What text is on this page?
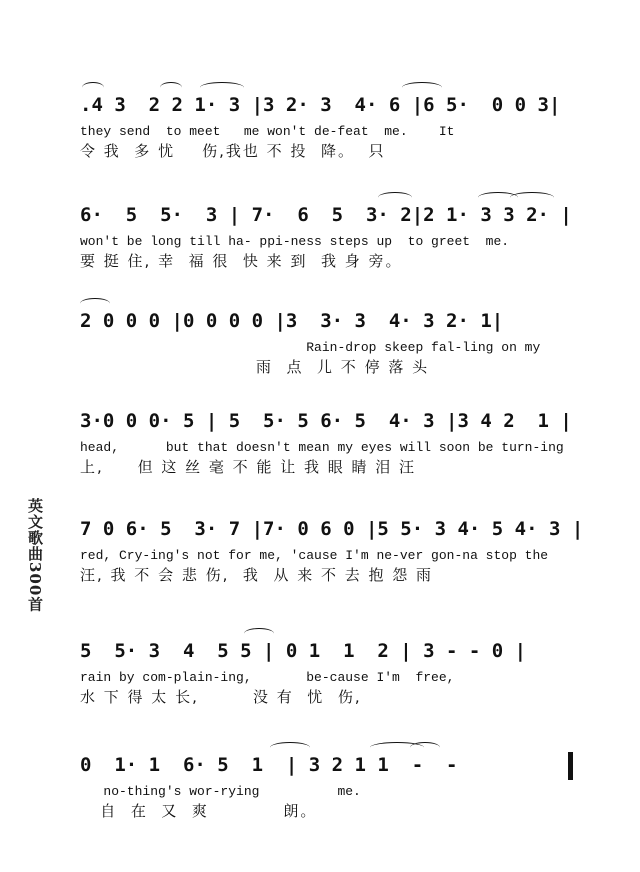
英文歌曲300首
.4 3  2 2 1· 3 |3 2· 3  4· 6 |6 5·  0 0 3|
they send  to meet   me won't de-feat  me.    It
令 我  多 忧    伤,我也 不 投  降。  只
6·  5  5·  3 | 7·  6  5  3· 2|2 1· 3 3 2· |
won't be long till ha- ppi-ness steps up  to greet  me.
要 挺 住, 幸  福 很  快 来 到  我 身 旁。
2 0 0 0 |0 0 0 0 |3  3· 3  4· 3 2· 1|
Rain-drop skeep fal-ling on my
雨  点  儿 不 停 落 头
3·0 0 0· 5 | 5  5· 5 6· 5  4· 3 |3 4 2  1 |
head,      but that doesn't mean my eyes will soon be turn-ing
上,     但 这 丝 毫 不 能 让 我 眼 睛 泪 汪
7 0 6· 5  3· 7 |7· 0 6 0 |5 5· 3 4· 5 4· 3 |
red, Cry-ing's not for me, 'cause I'm ne-ver gon-na stop the
汪, 我 不 会 悲 伤,  我  从 来 不 去 抱 怨 雨
5  5· 3  4  5 5 | 0 1  1  2 | 3 - - 0 |
rain by com-plain-ing,       be-cause I'm  free,
水 下 得 太 长,        没 有  忧  伤,
0  1· 1  6· 5  1  | 3 2 1 1  -  -
no-thing's wor-rying          me.
自  在  又  爽           朗。
